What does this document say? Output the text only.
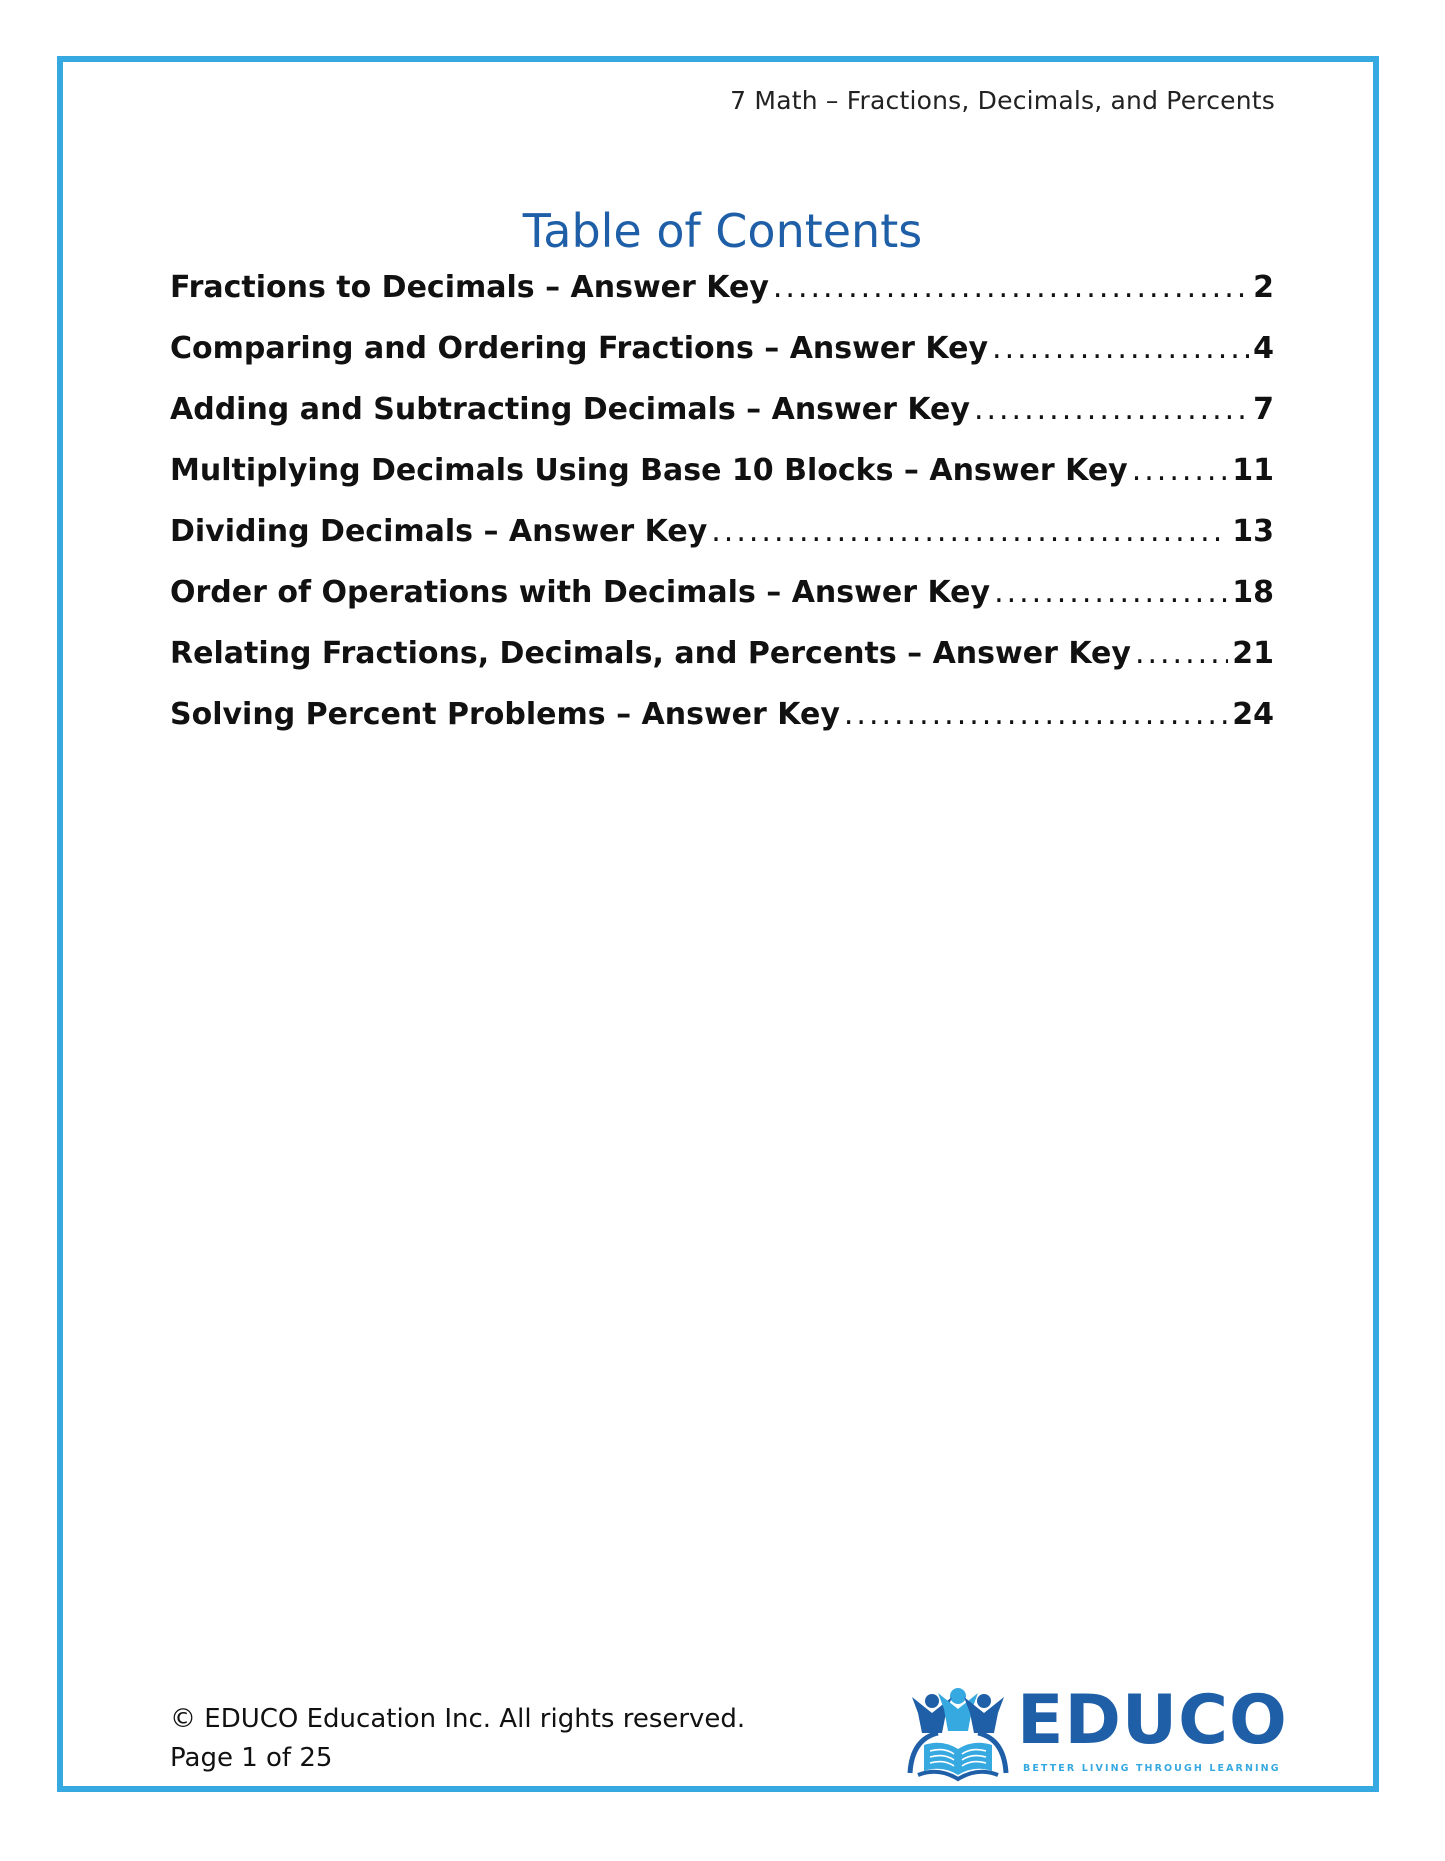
7 Math – Fractions, Decimals, and Percents
Table of Contents
Fractions to Decimals – Answer Key .....	2
Comparing and Ordering Fractions – Answer Key .....	4
Adding and Subtracting Decimals – Answer Key .....	7
Multiplying Decimals Using Base 10 Blocks – Answer Key .....	11
Dividing Decimals – Answer Key .....	13
Order of Operations with Decimals – Answer Key .....	18
Relating Fractions, Decimals, and Percents – Answer Key .....	21
Solving Percent Problems – Answer Key .....	24
© EDUCO Education Inc. All rights reserved.
Page 1 of 25	EDUCO
BETTER LIVING THROUGH LEARNING
